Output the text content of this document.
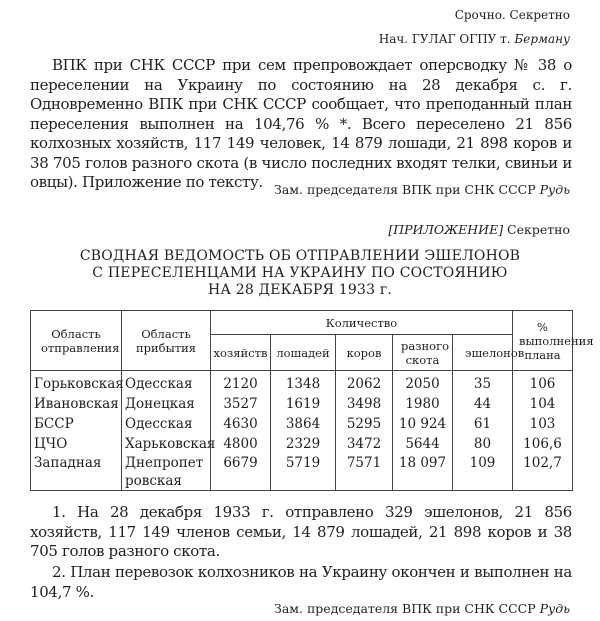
Срочно. Секретно
Нач. ГУЛАГ ОГПУ т. Берману
ВПК при СНК СССР при сем препровождает оперсводку № 38 о переселении на Украину по состоянию на 28 декабря с. г. Одновременно ВПК при СНК СССР сообщает, что преподанный план переселения выполнен на 104,76 % *. Всего переселено 21 856 колхозных хозяйств, 117 149 человек, 14 879 лошади, 21 898 коров и 38 705 голов разного скота (в число последних входят телки, свиньи и овцы). Приложение по тексту. Зам. председателя ВПК при СНК СССР Рудь
[ПРИЛОЖЕНИЕ] Секретно
СВОДНАЯ ВЕДОМОСТЬ ОБ ОТПРАВЛЕНИИ ЭШЕЛОНОВ
С ПЕРЕСЕЛЕНЦАМИ НА УКРАИНУ ПО СОСТОЯНИЮ
НА 28 ДЕКАБРЯ 1933 г.
Область отправления	Область прибытия	Количество					% выполнения плана
		хозяйств	лошадей	коров	разного скота	эшелонов	
Горьковская	Одесская	2120	1348	2062	2050	35	106
Ивановская	Донецкая	3527	1619	3498	1980	44	104
БССР	Одесская	4630	3864	5295	10 924	61	103
ЦЧО	Харьковская	4800	2329	3472	5644	80	106,6
Западная	Днепропетровская	6679	5719	7571	18 097	109	102,7
1. На 28 декабря 1933 г. отправлено 329 эшелонов, 21 856 хозяйств, 117 149 членов семьи, 14 879 лошадей, 21 898 коров и 38 705 голов разного скота.
2. План перевозок колхозников на Украину окончен и выполнен на 104,7 %.
Зам. председателя ВПК при СНК СССР Рудь
